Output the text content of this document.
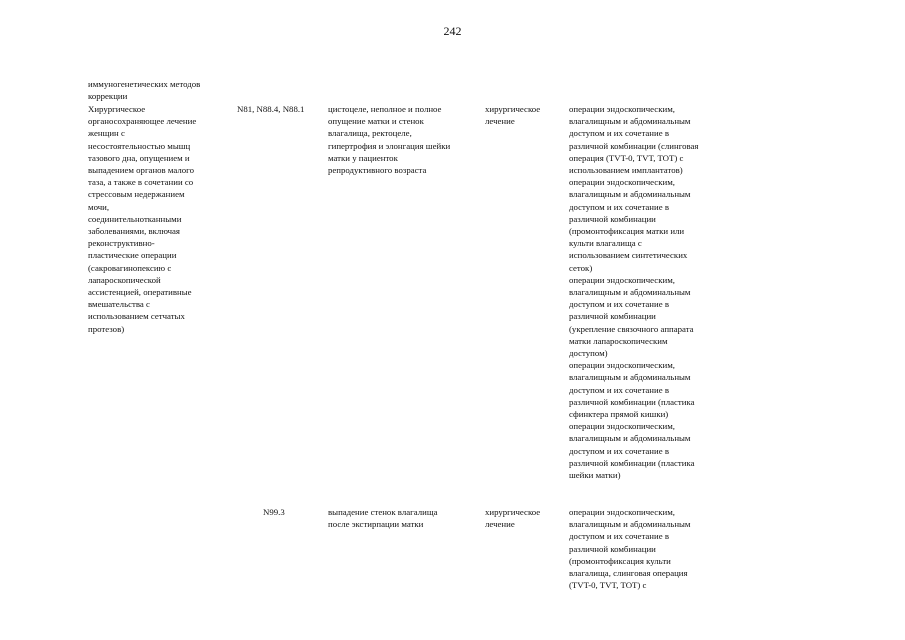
242
иммуногенетических методов
коррекции
Хирургическое
органосохраняющее лечение
женщин с
несостоятельностью мышц
тазового дна, опущением и
выпадением органов малого
таза, а также в сочетании со
стрессовым недержанием
мочи,
соединительнотканными
заболеваниями, включая
реконструктивно-
пластические операции
(сакровагинопексию с
лапароскопической
ассистенцией, оперативные
вмешательства с
использованием сетчатых
протезов)
N81, N88.4, N88.1	цистоцеле, неполное и полное
опущение матки и стенок
влагалища, ректоцеле,
гипертрофия и элонгация шейки
матки у пациенток
репродуктивного возраста
хирургическое
лечение
операции эндоскопическим,
влагалищным и абдоминальным
доступом и их сочетание в
различной комбинации (слинговая
операция (TVT-0, TVT, TOT) с
использованием имплантатов)
операции эндоскопическим,
влагалищным и абдоминальным
доступом и их сочетание в
различной комбинации
(промонтофиксация матки или
культи влагалища с
использованием синтетических
сеток)
операции эндоскопическим,
влагалищным и абдоминальным
доступом и их сочетание в
различной комбинации
(укрепление связочного аппарата
матки лапароскопическим
доступом)
операции эндоскопическим,
влагалищным и абдоминальным
доступом и их сочетание в
различной комбинации (пластика
сфинктера прямой кишки)
операции эндоскопическим,
влагалищным и абдоминальным
доступом и их сочетание в
различной комбинации (пластика
шейки матки)
N99.3	выпадение стенок влагалища
после экстирпации матки
хирургическое
лечение
операции эндоскопическим,
влагалищным и абдоминальным
доступом и их сочетание в
различной комбинации
(промонтофиксация культи
влагалища, слинговая операция
(TVT-0, TVT, TOT) с
